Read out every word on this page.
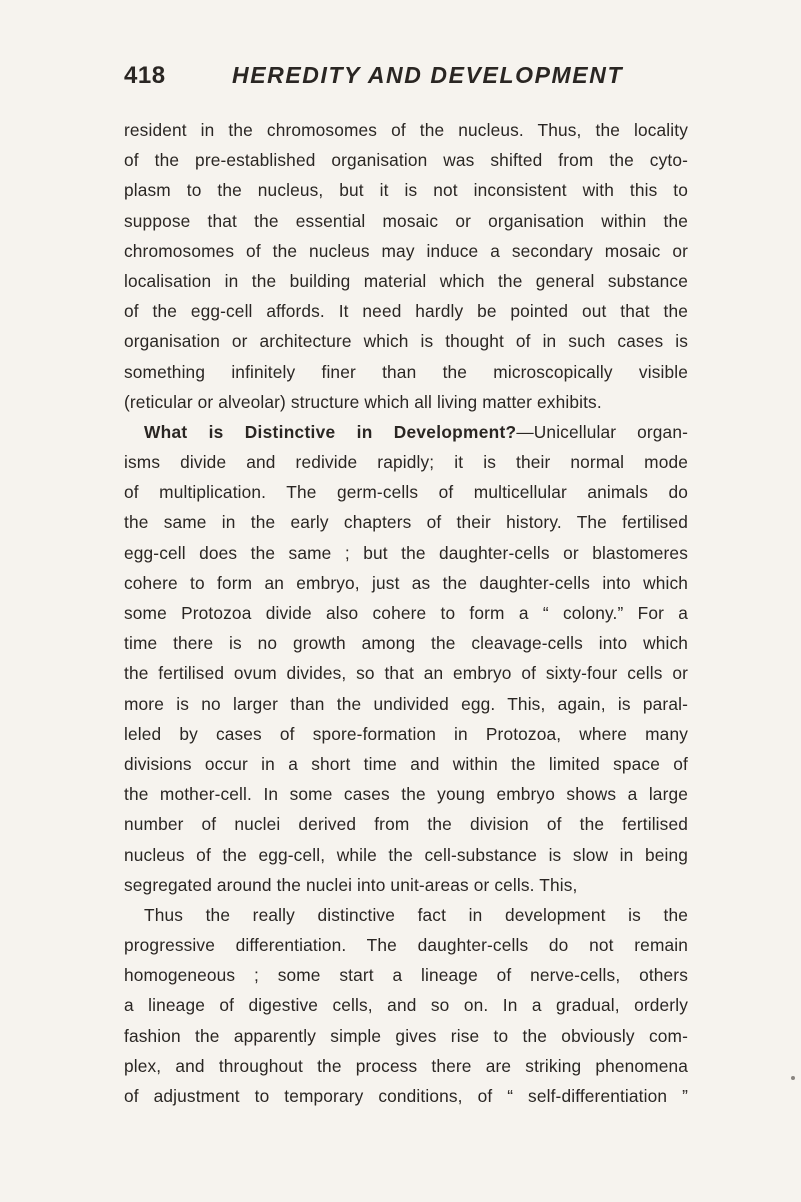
418	HEREDITY AND DEVELOPMENT
resident in the chromosomes of the nucleus. Thus, the locality
of the pre-established organisation was shifted from the cyto-
plasm to the nucleus, but it is not inconsistent with this to
suppose that the essential mosaic or organisation within the
chromosomes of the nucleus may induce a secondary mosaic or
localisation in the building material which the general substance
of the egg-cell affords. It need hardly be pointed out that the
organisation or architecture which is thought of in such cases is
something infinitely finer than the microscopically visible
(reticular or alveolar) structure which all living matter exhibits.
What is Distinctive in Development?—Unicellular organ-
isms divide and redivide rapidly; it is their normal mode
of multiplication. The germ-cells of multicellular animals do
the same in the early chapters of their history. The fertilised
egg-cell does the same ; but the daughter-cells or blastomeres
cohere to form an embryo, just as the daughter-cells into which
some Protozoa divide also cohere to form a “ colony.” For a
time there is no growth among the cleavage-cells into which
the fertilised ovum divides, so that an embryo of sixty-four cells or
more is no larger than the undivided egg. This, again, is paral-
leled by cases of spore-formation in Protozoa, where many
divisions occur in a short time and within the limited space of
the mother-cell. In some cases the young embryo shows a large
number of nuclei derived from the division of the fertilised
nucleus of the egg-cell, while the cell-substance is slow in being
segregated around the nuclei into unit-areas or cells. This,
Thus the really distinctive fact in development is the
progressive differentiation. The daughter-cells do not remain
homogeneous ; some start a lineage of nerve-cells, others
a lineage of digestive cells, and so on. In a gradual, orderly
fashion the apparently simple gives rise to the obviously com-
plex, and throughout the process there are striking phenomena
of adjustment to temporary conditions, of “ self-differentiation ”
